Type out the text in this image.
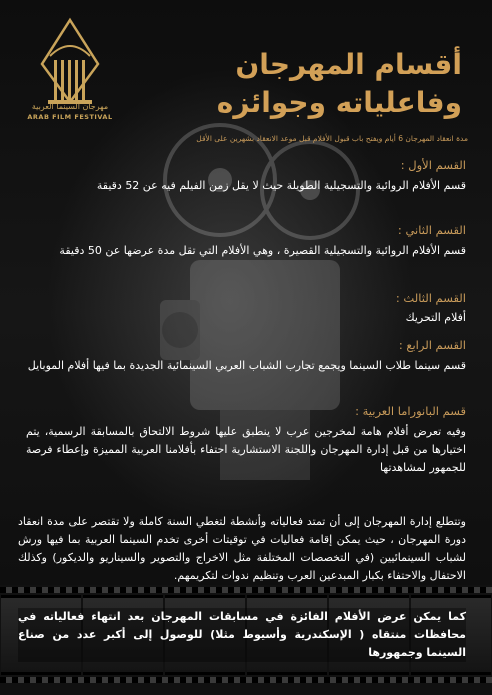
مهرجان السينما العربية
ARAB FILM FESTIVAL
أقسام المهرجان
وفاعلياته وجوائزه
مدة انعقاد المهرجان 6 أيام ويفتح باب قبول الأفلام قبل موعد الانعقاد بشهرين على الأقل
القسم الأول :
قسم الأفلام الروائية والتسجيلية الطويلة حيث لا يقل زمن الفيلم فيه عن 52 دقيقة
القسم الثاني :
قسم الأفلام الروائية والتسجيلية القصيرة ، وهي الأفلام التي تقل مدة عرضها عن 50 دقيقة
القسم الثالث :
أفلام التحريك
القسم الرابع :
قسم سينما طلاب السينما ويجمع تجارب الشباب العربي السينمائية الجديدة بما فيها أفلام الموبايل
قسم البانوراما العربية :
وفيه تعرض أفلام هامة لمخرجين عرب لا ينطبق عليها شروط الالتحاق بالمسابقة الرسمية، يتم اختيارها من قبل إدارة المهرجان واللجنة الاستشارية احتفاء بأفلامنا العربية المميزة وإعطاء فرصة للجمهور لمشاهدتها
وتتطلع إدارة المهرجان إلى أن تمتد فعالياته وأنشطة لتغطي السنة كاملة ولا تقتصر على مدة انعقاد دورة المهرجان ، حيث يمكن إقامة فعاليات في توقيتات أخرى تخدم السينما العربية بما فيها ورش لشباب السينمائيين (في التخصصات المختلفة مثل الاخراج والتصوير والسيناريو والديكور) وكذلك الاحتفال والاحتفاء بكبار المبدعين العرب وتنظيم ندوات لتكريمهم.
كما يمكن عرض الأفلام الفائزة في مسابقات المهرجان بعد انتهاء فعالياته في محافظات منتقاه ( الإسكندرية وأسيوط مثلا) للوصول إلى أكبر عدد من صناع السينما وجمهورها
